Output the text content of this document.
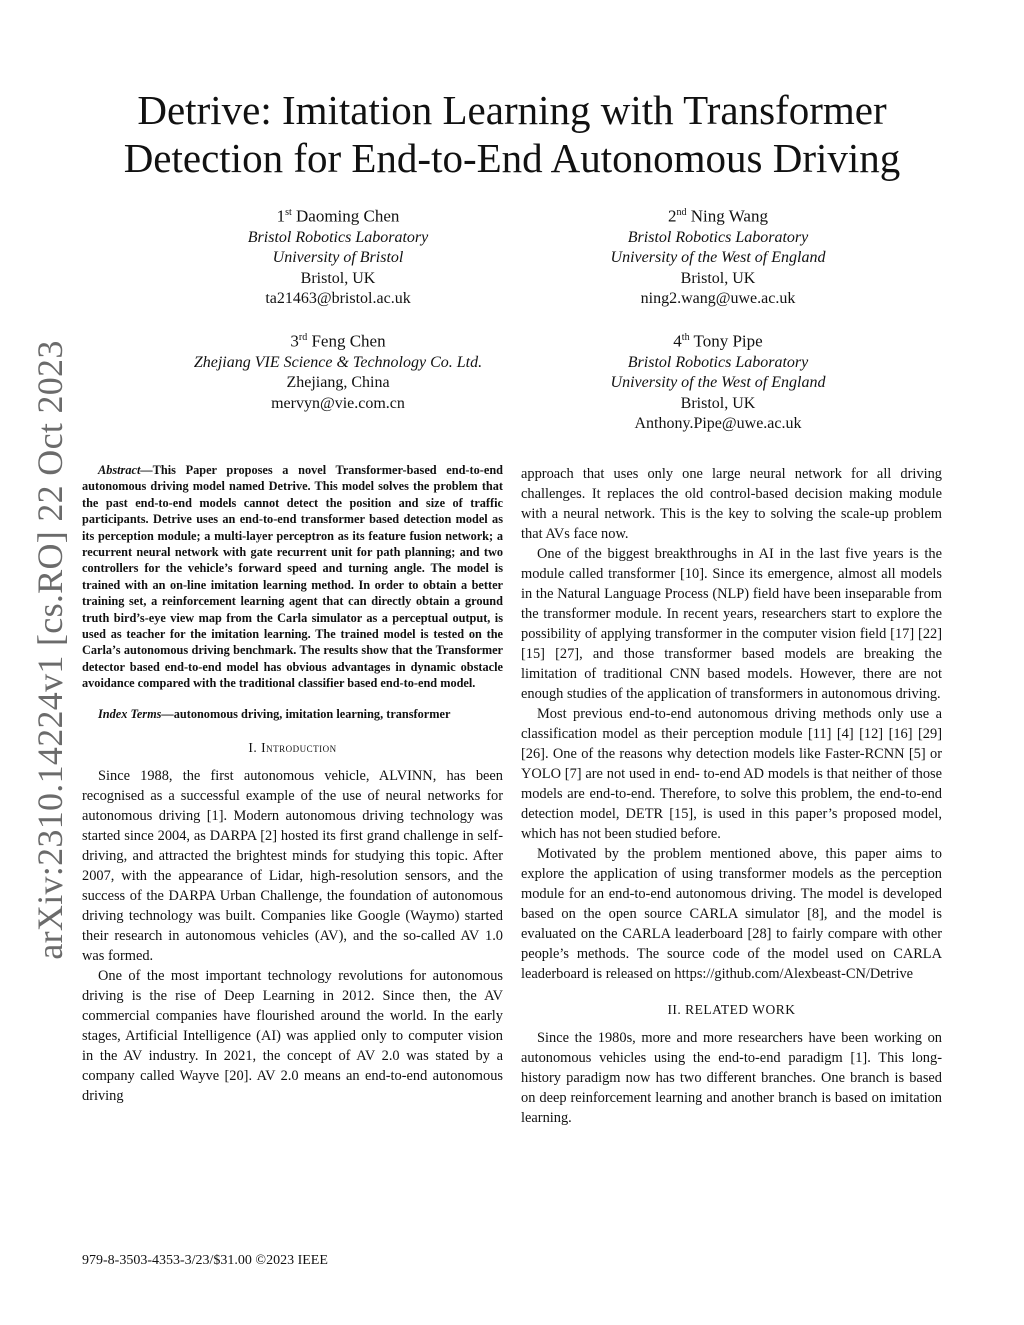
arXiv:2310.14224v1 [cs.RO] 22 Oct 2023
Detrive: Imitation Learning with Transformer
Detection for End-to-End Autonomous Driving
1st Daoming Chen
Bristol Robotics Laboratory
University of Bristol
Bristol, UK
ta21463@bristol.ac.uk
2nd Ning Wang
Bristol Robotics Laboratory
University of the West of England
Bristol, UK
ning2.wang@uwe.ac.uk
3rd Feng Chen
Zhejiang VIE Science & Technology Co. Ltd.
Zhejiang, China
mervyn@vie.com.cn
4th Tony Pipe
Bristol Robotics Laboratory
University of the West of England
Bristol, UK
Anthony.Pipe@uwe.ac.uk

Abstract—This Paper proposes a novel Transformer-based end-to-end autonomous driving model named Detrive. This model solves the problem that the past end-to-end models cannot detect the position and size of traffic participants. Detrive uses an end-to-end transformer based detection model as its perception module; a multi-layer perceptron as its feature fusion network; a recurrent neural network with gate recurrent unit for path planning; and two controllers for the vehicle’s forward speed and turning angle. The model is trained with an on-line imitation learning method. In order to obtain a better training set, a reinforcement learning agent that can directly obtain a ground truth bird’s-eye view map from the Carla simulator as a perceptual output, is used as teacher for the imitation learning. The trained model is tested on the Carla’s autonomous driving benchmark. The results show that the Transformer detector based end-to-end model has obvious advantages in dynamic obstacle avoidance compared with the traditional classifier based end-to-end model.

Index Terms—autonomous driving, imitation learning, transformer

I. Introduction

Since 1988, the first autonomous vehicle, ALVINN, has been recognised as a successful example of the use of neural networks for autonomous driving [1]. Modern autonomous driving technology was started since 2004, as DARPA [2] hosted its first grand challenge in self-driving, and attracted the brightest minds for studying this topic. After 2007, with the appearance of Lidar, high-resolution sensors, and the success of the DARPA Urban Challenge, the foundation of autonomous driving technology was built. Companies like Google (Waymo) started their research in autonomous vehicles (AV), and the so-called AV 1.0 was formed.

One of the most important technology revolutions for autonomous driving is the rise of Deep Learning in 2012. Since then, the AV commercial companies have flourished around the world. In the early stages, Artificial Intelligence (AI) was applied only to computer vision in the AV industry. In 2021, the concept of AV 2.0 was stated by a company called Wayve [20]. AV 2.0 means an end-to-end autonomous driving

approach that uses only one large neural network for all driving challenges. It replaces the old control-based decision making module with a neural network. This is the key to solving the scale-up problem that AVs face now.

One of the biggest breakthroughs in AI in the last five years is the module called transformer [10]. Since its emergence, almost all models in the Natural Language Process (NLP) field have been inseparable from the transformer module. In recent years, researchers start to explore the possibility of applying transformer in the computer vision field [17] [22] [15] [27], and those transformer based models are breaking the limitation of traditional CNN based models. However, there are not enough studies of the application of transformers in autonomous driving.

Most previous end-to-end autonomous driving methods only use a classification model as their perception module [11] [4] [12] [16] [29] [26]. One of the reasons why detection models like Faster-RCNN [5] or YOLO [7] are not used in end- to-end AD models is that neither of those models are end-to-end. Therefore, to solve this problem, the end-to-end detection model, DETR [15], is used in this paper’s proposed model, which has not been studied before.

Motivated by the problem mentioned above, this paper aims to explore the application of using transformer models as the perception module for an end-to-end autonomous driving. The model is developed based on the open source CARLA simulator [8], and the model is evaluated on the CARLA leaderboard [28] to fairly compare with other people’s methods. The source code of the model used on CARLA leaderboard is released on https://github.com/Alexbeast-CN/Detrive

II. RELATED WORK

Since the 1980s, more and more researchers have been working on autonomous vehicles using the end-to-end paradigm [1]. This long-history paradigm now has two different branches. One branch is based on deep reinforcement learning and another branch is based on imitation learning.

979-8-3503-4353-3/23/$31.00 ©2023 IEEE
